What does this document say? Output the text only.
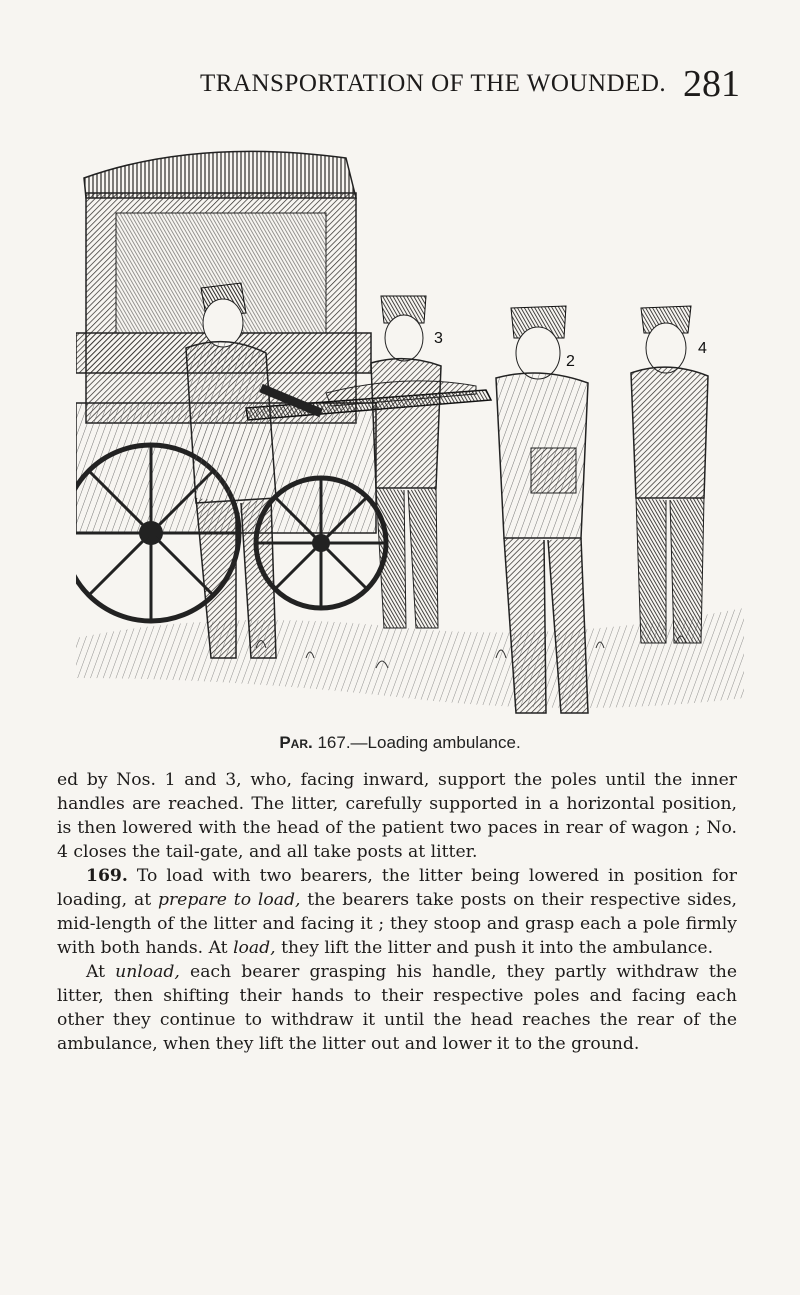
TRANSPORTATION OF THE WOUNDED. 281
3
2
4
Par. 167.—Loading ambulance.

ed by Nos. 1 and 3, who, facing inward, support the poles until the inner handles are reached. The litter, carefully supported in a horizontal position, is then lowered with the head of the patient two paces in rear of wagon ; No. 4 closes the tail-gate, and all take posts at litter.

169. To load with two bearers, the litter being lowered in position for loading, at prepare to load, the bearers take posts on their respective sides, mid-length of the litter and facing it ; they stoop and grasp each a pole firmly with both hands. At load, they lift the litter and push it into the ambulance.

At unload, each bearer grasping his handle, they partly withdraw the litter, then shifting their hands to their respective poles and facing each other they continue to withdraw it until the head reaches the rear of the ambulance, when they lift the litter out and lower it to the ground.
